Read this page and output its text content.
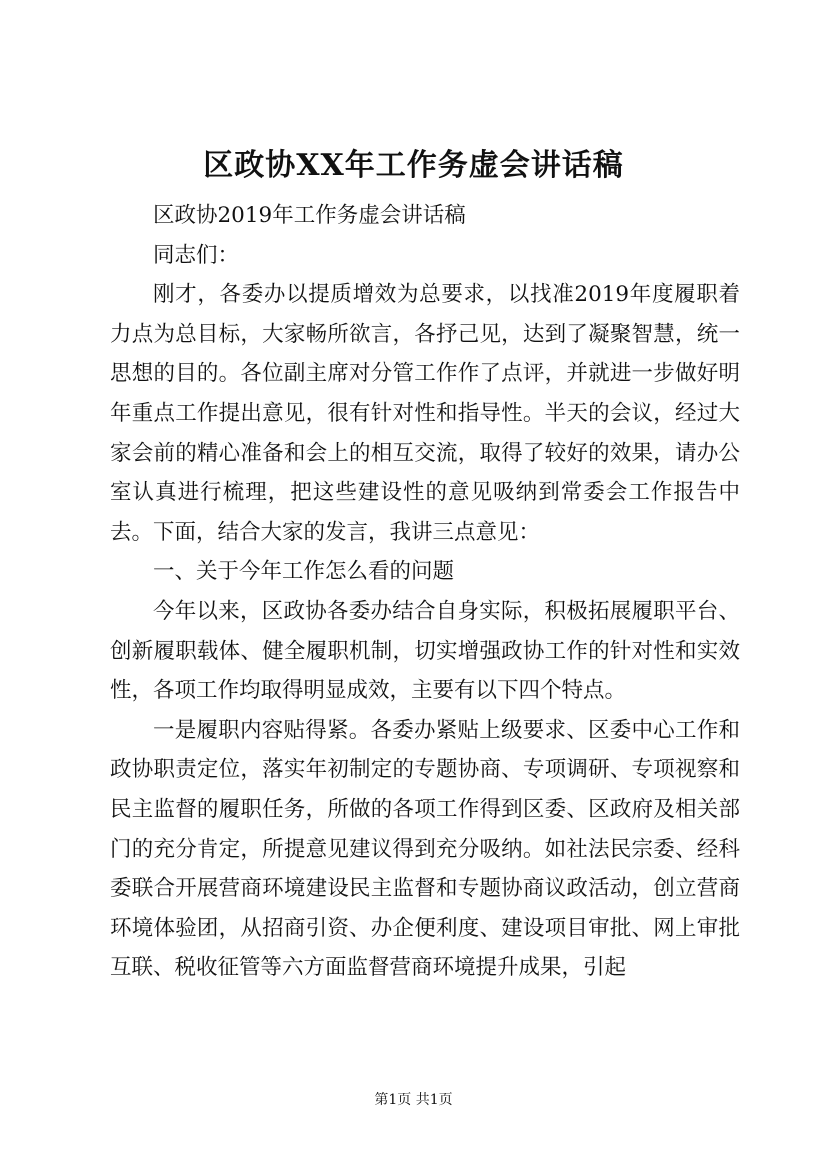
区政协XX年工作务虚会讲话稿

区政协2019年工作务虚会讲话稿

同志们：

刚才，各委办以提质增效为总要求，以找准2019年度履职着力点为总目标，大家畅所欲言，各抒己见，达到了凝聚智慧，统一思想的目的。各位副主席对分管工作作了点评，并就进一步做好明年重点工作提出意见，很有针对性和指导性。半天的会议，经过大家会前的精心准备和会上的相互交流，取得了较好的效果，请办公室认真进行梳理，把这些建设性的意见吸纳到常委会工作报告中去。下面，结合大家的发言，我讲三点意见：

一、关于今年工作怎么看的问题

今年以来，区政协各委办结合自身实际，积极拓展履职平台、创新履职载体、健全履职机制，切实增强政协工作的针对性和实效性，各项工作均取得明显成效，主要有以下四个特点。

一是履职内容贴得紧。各委办紧贴上级要求、区委中心工作和政协职责定位，落实年初制定的专题协商、专项调研、专项视察和民主监督的履职任务，所做的各项工作得到区委、区政府及相关部门的充分肯定，所提意见建议得到充分吸纳。如社法民宗委、经科委联合开展营商环境建设民主监督和专题协商议政活动，创立营商环境体验团，从招商引资、办企便利度、建设项目审批、网上审批互联、税收征管等六方面监督营商环境提升成果，引起

第1页 共1页
